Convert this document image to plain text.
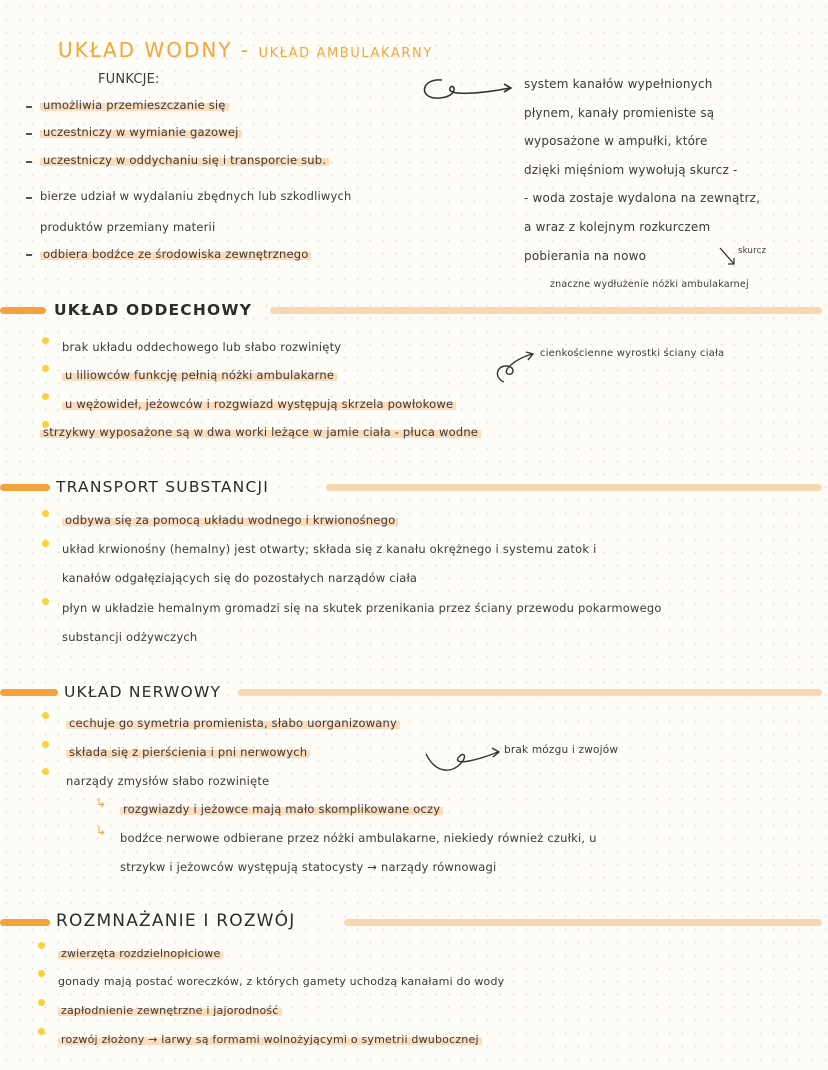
UKŁAD WODNY - UKŁAD AMBULAKARNY
FUNKCJE:
umożliwia przemieszczanie się
uczestniczy w wymianie gazowej
uczestniczy w oddychaniu się i transporcie sub.
bierze udział w wydalaniu zbędnych lub szkodliwych
produktów przemiany materii
odbiera bodźce ze środowiska zewnętrznego
system kanałów wypełnionych
płynem, kanały promieniste są
wyposażone w ampułki, które
dzięki mięśniom wywołują skurcz -
- woda zostaje wydalona na zewnątrz,
a wraz z kolejnym rozkurczem
pobierania na nowo	skurcz
znaczne wydłużenie nóżki ambulakarnej
UKŁAD ODDECHOWY
brak układu oddechowego lub słabo rozwinięty
u liliowców funkcję pełnią nóżki ambulakarne
u wężowideł, jeżowców i rozgwiazd występują skrzela powłokowe
strzykwy wyposażone są w dwa worki leżące w jamie ciała - płuca wodne
cienkościenne wyrostki ściany ciała
TRANSPORT SUBSTANCJI
odbywa się za pomocą układu wodnego i krwionośnego
układ krwionośny (hemalny) jest otwarty; składa się z kanału okrężnego i systemu zatok i
kanałów odgałęziających się do pozostałych narządów ciała
płyn w układzie hemalnym gromadzi się na skutek przenikania przez ściany przewodu pokarmowego
substancji odżywczych
UKŁAD NERWOWY
cechuje go symetria promienista, słabo uorganizowany
składa się z pierścienia i pni nerwowych	brak mózgu i zwojów
narządy zmysłów słabo rozwinięte
↳ rozgwiazdy i jeżowce mają mało skomplikowane oczy
↳ bodźce nerwowe odbierane przez nóżki ambulakarne, niekiedy również czułki, u
strzykw i jeżowców występują statocysty → narządy równowagi
ROZMNAŻANIE I ROZWÓJ
zwierzęta rozdzielnopłciowe
gonady mają postać woreczków, z których gamety uchodzą kanałami do wody
zapłodnienie zewnętrzne i jajorodność
rozwój złożony → larwy są formami wolnożyjącymi o symetrii dwubocznej
